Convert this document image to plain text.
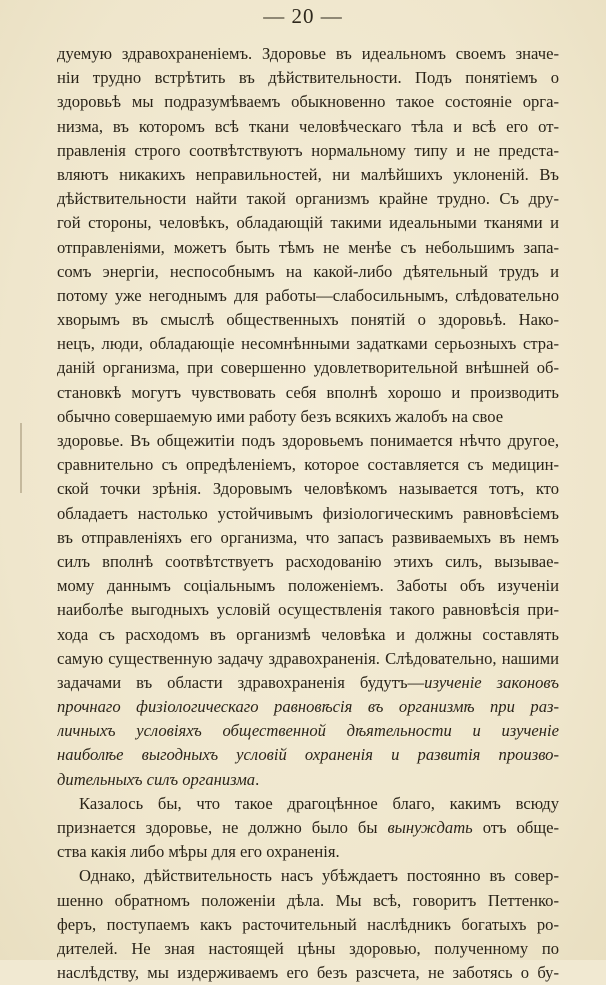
— 20 —
дуемую здравохраненіемъ. Здоровье въ идеальномъ своемъ значе-
ніи трудно встрѣтить въ дѣйствительности. Подъ понятіемъ о
здоровьѣ мы подразумѣваемъ обыкновенно такое состояніе орга-
низма, въ которомъ всѣ ткани человѣческаго тѣла и всѣ его от-
правленія строго соотвѣтствуютъ нормальному типу и не предста-
вляютъ никакихъ неправильностей, ни малѣйшихъ уклоненій. Въ
дѣйствительности найти такой организмъ крайне трудно. Съ дру-
гой стороны, человѣкъ, обладающій такими идеальными тканями и
отправленіями, можетъ быть тѣмъ не менѣе съ небольшимъ запа-
сомъ энергіи, неспособнымъ на какой-либо дѣятельный трудъ и
потому уже негоднымъ для работы—слабосильнымъ, слѣдовательно
хворымъ въ смыслѣ общественныхъ понятій о здоровьѣ. Нако-
нецъ, люди, обладающіе несомнѣнными задатками серьозныхъ стра-
даній организма, при совершенно удовлетворительной внѣшней об-
становкѣ могутъ чувствовать себя вполнѣ хорошо и производить
обычно совершаемую ими работу безъ всякихъ жалобъ на свое
здоровье. Въ общежитіи подъ здоровьемъ понимается нѣчто другое,
сравнительно съ опредѣленіемъ, которое составляется съ медицин-
ской точки зрѣнія. Здоровымъ человѣкомъ называется тотъ, кто
обладаетъ настолько устойчивымъ физіологическимъ равновѣсіемъ
въ отправленіяхъ его организма, что запасъ развиваемыхъ въ немъ
силъ вполнѣ соотвѣтствуетъ расходованію этихъ силъ, вызывае-
мому даннымъ соціальнымъ положеніемъ. Заботы объ изученіи
наиболѣе выгодныхъ условій осуществленія такого равновѣсія при-
хода съ расходомъ въ организмѣ человѣка и должны составлять
самую существенную задачу здравохраненія. Слѣдовательно, нашими
задачами въ области здравохраненія будутъ—изученіе законовъ
прочнаго физіологическаго равновѣсія въ организмѣ при раз-
личныхъ условіяхъ общественной дѣятельности и изученіе
наиболѣе выгодныхъ условій охраненія и развитія произво-
дительныхъ силъ организма.
Казалось бы, что такое драгоцѣнное благо, какимъ всюду
признается здоровье, не должно было бы вынуждать отъ обще-
ства какія либо мѣры для его охраненія.
Однако, дѣйствительность насъ убѣждаетъ постоянно въ совер-
шенно обратномъ положеніи дѣла. Мы всѣ, говоритъ Петтенко-
феръ, поступаемъ какъ расточительный наслѣдникъ богатыхъ ро-
дителей. Не зная настоящей цѣны здоровью, полученному по
наслѣдству, мы издерживаемъ его безъ разсчета, не заботясь о бу-
